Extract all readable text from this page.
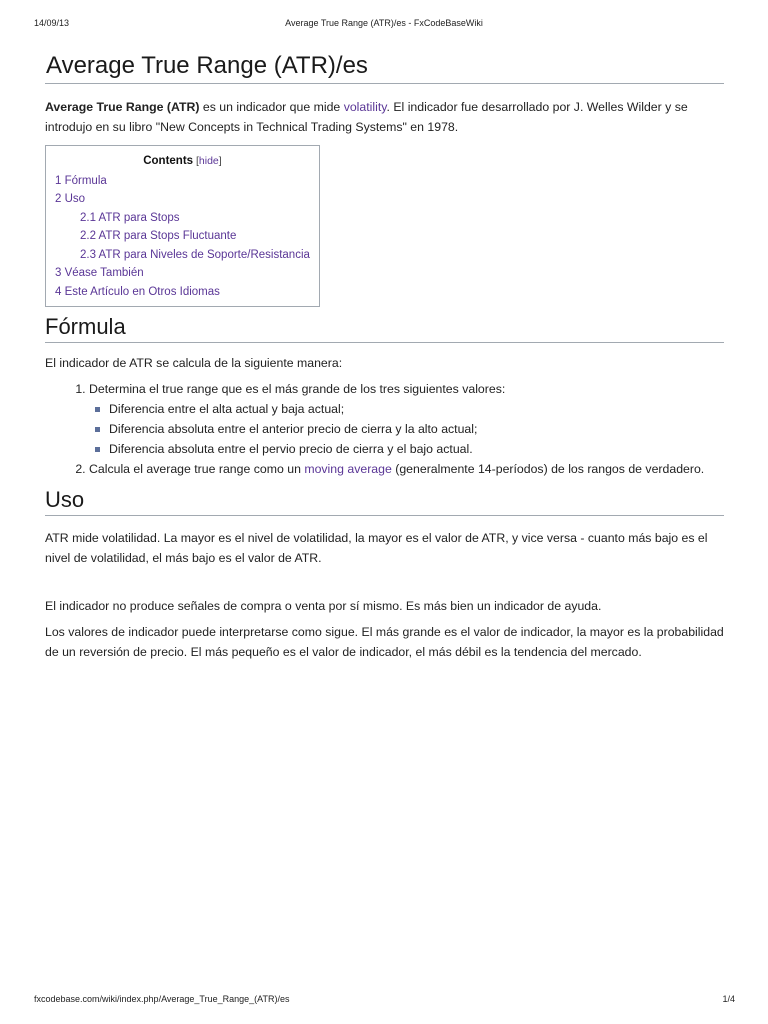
14/09/13	Average True Range (ATR)/es - FxCodeBaseWiki
Average True Range (ATR)/es

Average True Range (ATR) es un indicador que mide volatility. El indicador fue desarrollado por J. Welles Wilder y se introdujo en su libro "New Concepts in Technical Trading Systems" en 1978.

Contents [hide]
1 Fórmula
2 Uso
2.1 ATR para Stops
2.2 ATR para Stops Fluctuante
2.3 ATR para Niveles de Soporte/Resistancia
3 Véase También
4 Este Artículo en Otros Idiomas
Fórmula

El indicador de ATR se calcula de la siguiente manera:

1. Determina el true range que es el más grande de los tres siguientes valores:
Diferencia entre el alta actual y baja actual;
Diferencia absoluta entre el anterior precio de cierra y la alto actual;
Diferencia absoluta entre el pervio precio de cierra y el bajo actual.
2. Calcula el average true range como un moving average (generalmente 14-períodos) de los rangos de verdadero.
Uso

ATR mide volatilidad. La mayor es el nivel de volatilidad, la mayor es el valor de ATR, y vice versa - cuanto más bajo es el nivel de volatilidad, el más bajo es el valor de ATR.

El indicador no produce señales de compra o venta por sí mismo. Es más bien un indicador de ayuda.

Los valores de indicador puede interpretarse como sigue. El más grande es el valor de indicador, la mayor es la probabilidad de un reversión de precio. El más pequeño es el valor de indicador, el más débil es la tendencia del mercado.

fxcodebase.com/wiki/index.php/Average_True_Range_(ATR)/es	1/4
